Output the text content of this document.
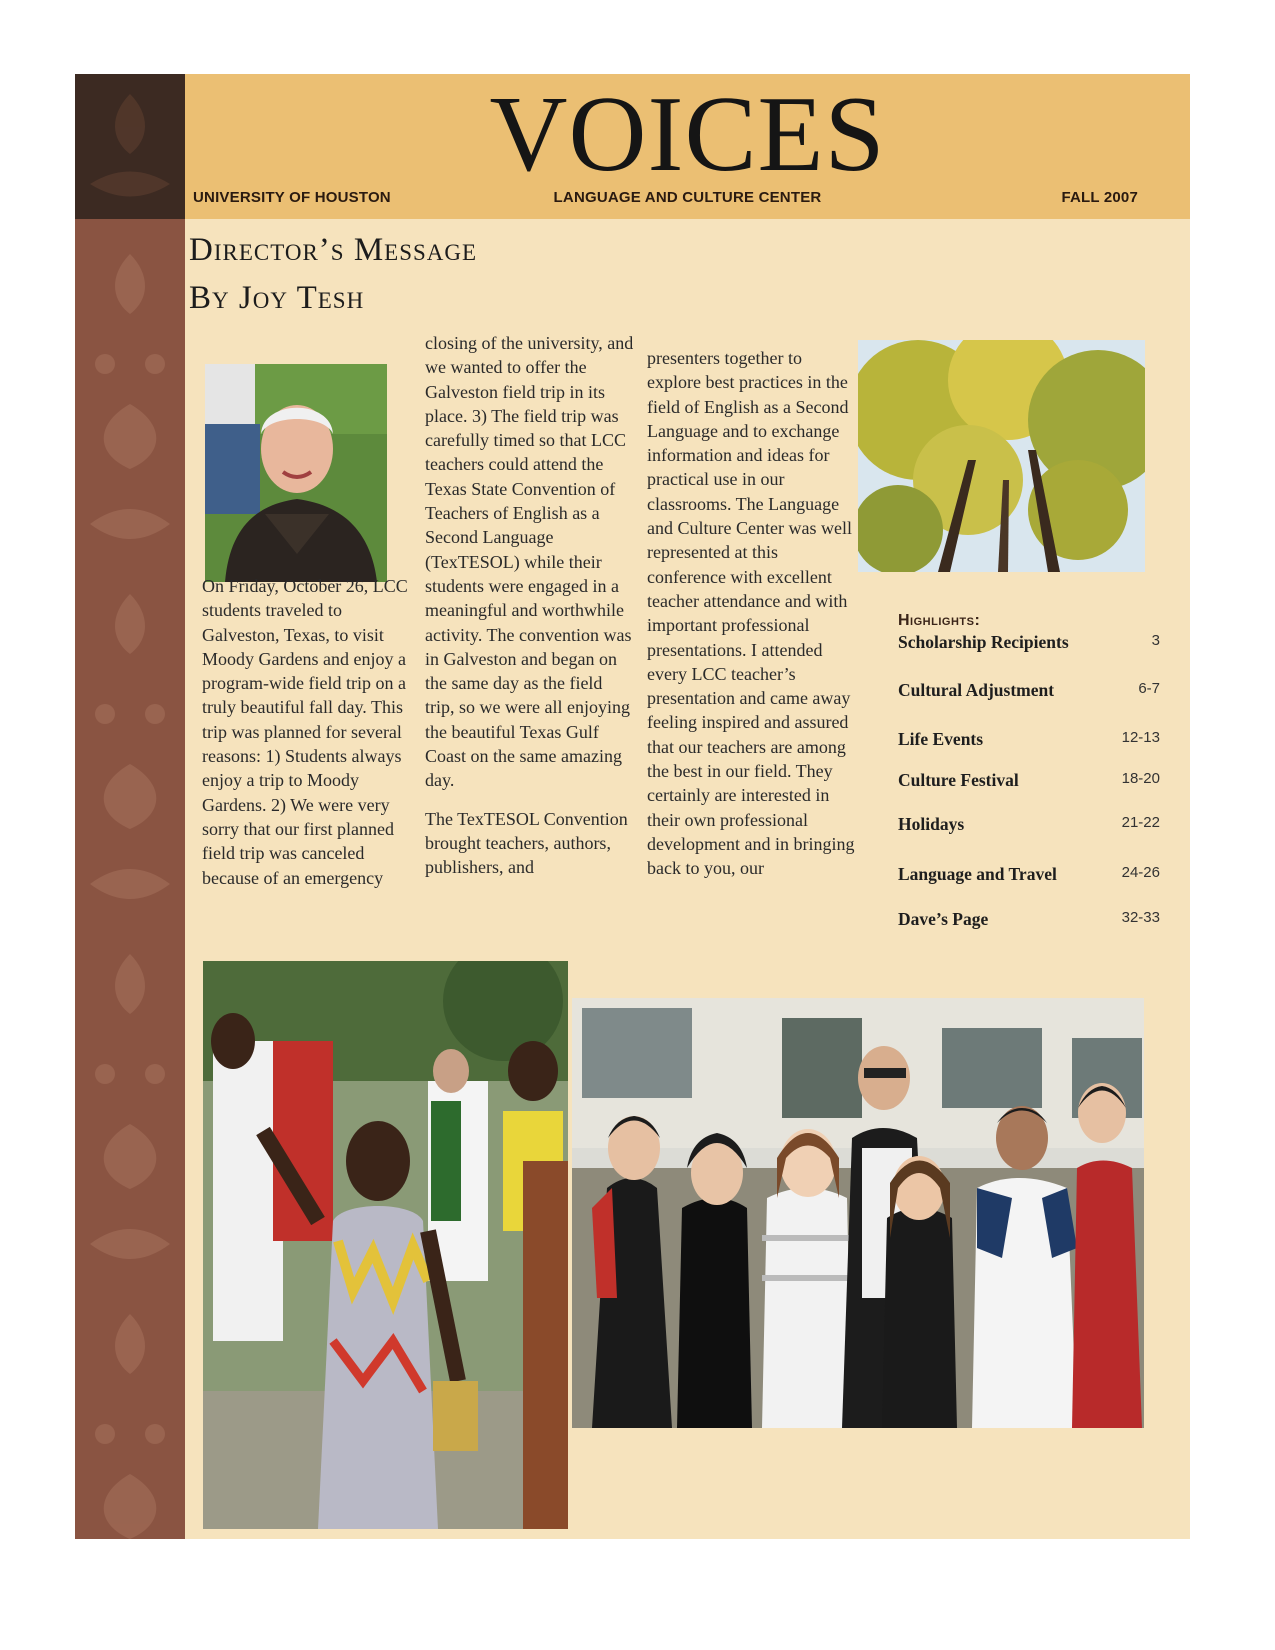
VOICES
UNIVERSITY OF HOUSTON	LANGUAGE AND CULTURE CENTER	FALL 2007
Director’s Message
By Joy Tesh

On Friday, October 26, LCC students traveled to Galveston, Texas, to visit Moody Gardens and enjoy a program-wide field trip on a truly beautiful fall day. This trip was planned for several reasons: 1) Students always enjoy a trip to Moody Gardens. 2) We were very sorry that our first planned field trip was canceled because of an emergency

closing of the university, and we wanted to offer the Galveston field trip in its place. 3) The field trip was carefully timed so that LCC teachers could attend the Texas State Convention of Teachers of English as a Second Language (TexTESOL) while their students were engaged in a meaningful and worthwhile activity. The convention was in Galveston and began on the same day as the field trip, so we were all enjoying the beautiful Texas Gulf Coast on the same amazing day.

The TexTESOL Convention brought teachers, authors, publishers, and

presenters together to explore best practices in the field of English as a Second Language and to exchange information and ideas for practical use in our classrooms. The Language and Culture Center was well represented at this conference with excellent teacher attendance and with important professional presentations. I attended every LCC teacher’s presentation and came away feeling inspired and assured that our teachers are among the best in our field. They certainly are interested in their own professional development and in bringing back to you, our

Highlights:
Scholarship Recipients	3
Cultural Adjustment	6-7
Life Events	12-13
Culture Festival	18-20
Holidays	21-22
Language and Travel	24-26
Dave’s Page	32-33
